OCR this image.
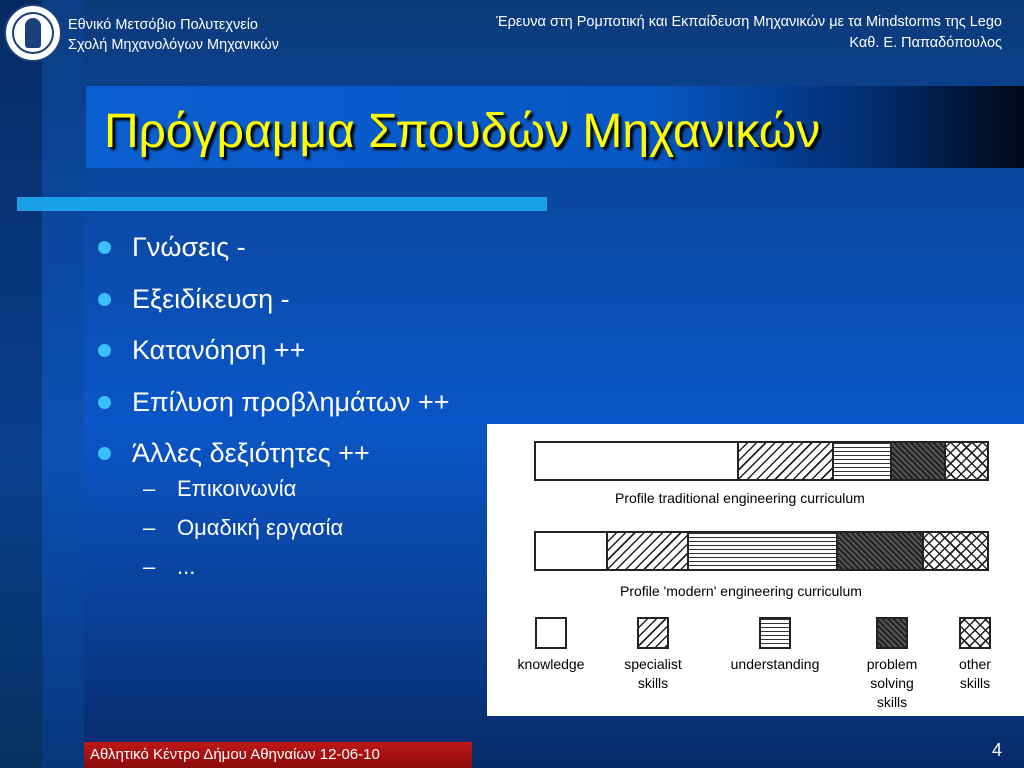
Εθνικό Μετσόβιο Πολυτεχνείο
Σχολή Μηχανολόγων Μηχανικών
Έρευνα στη Ρομποτική και Εκπαίδευση Μηχανικών με τα Mindstorms της Lego
Καθ. Ε. Παπαδόπουλος
Πρόγραμμα Σπουδών Μηχανικών
Γνώσεις -
Εξειδίκευση -
Κατανόηση ++
Επίλυση προβλημάτων ++
Άλλες δεξιότητες ++
– Επικοινωνία
– Ομαδική εργασία
– ...
Profile traditional engineering curriculum
Profile 'modern' engineering curriculum
knowledge	specialist
skills
understanding	problem
solving
skills
other
skills
Αθλητικό Κέντρο Δήμου Αθηναίων 12-06-10	4
